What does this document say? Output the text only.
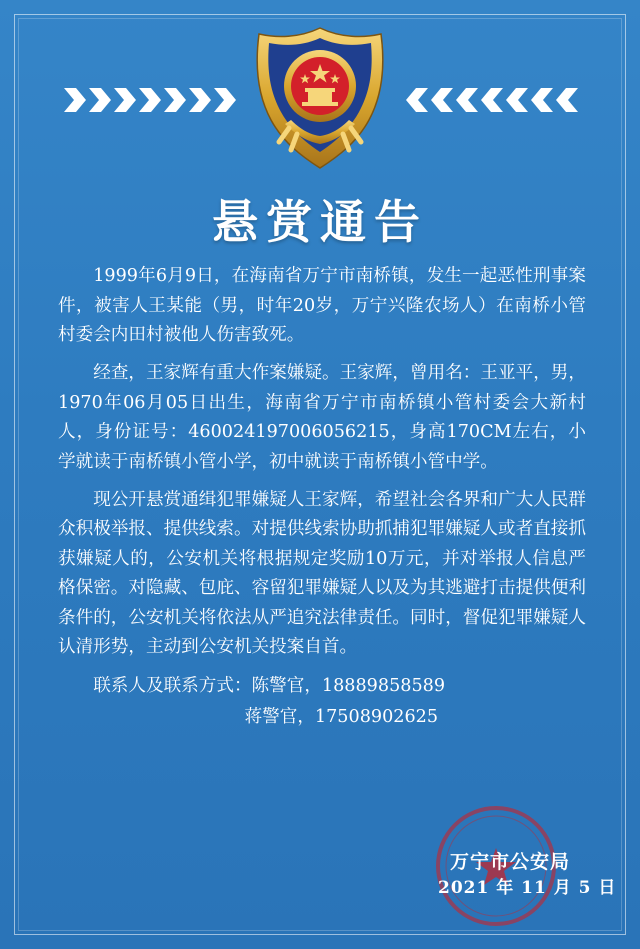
悬赏通告

1999年6月9日，在海南省万宁市南桥镇，发生一起恶性刑事案件，被害人王某能（男，时年20岁，万宁兴隆农场人）在南桥小管村委会内田村被他人伤害致死。

经查，王家辉有重大作案嫌疑。王家辉，曾用名：王亚平，男，1970年06月05日出生，海南省万宁市南桥镇小管村委会大新村人，身份证号：460024197006056215，身高170CM左右，小学就读于南桥镇小管小学，初中就读于南桥镇小管中学。

现公开悬赏通缉犯罪嫌疑人王家辉，希望社会各界和广大人民群众积极举报、提供线索。对提供线索协助抓捕犯罪嫌疑人或者直接抓获嫌疑人的，公安机关将根据规定奖励10万元，并对举报人信息严格保密。对隐藏、包庇、容留犯罪嫌疑人以及为其逃避打击提供便利条件的，公安机关将依法从严追究法律责任。同时，督促犯罪嫌疑人认清形势，主动到公安机关投案自首。

联系人及联系方式：陈警官，18889858589
蒋警官，17508902625
万宁市公安局
2021 年 11 月 5 日
